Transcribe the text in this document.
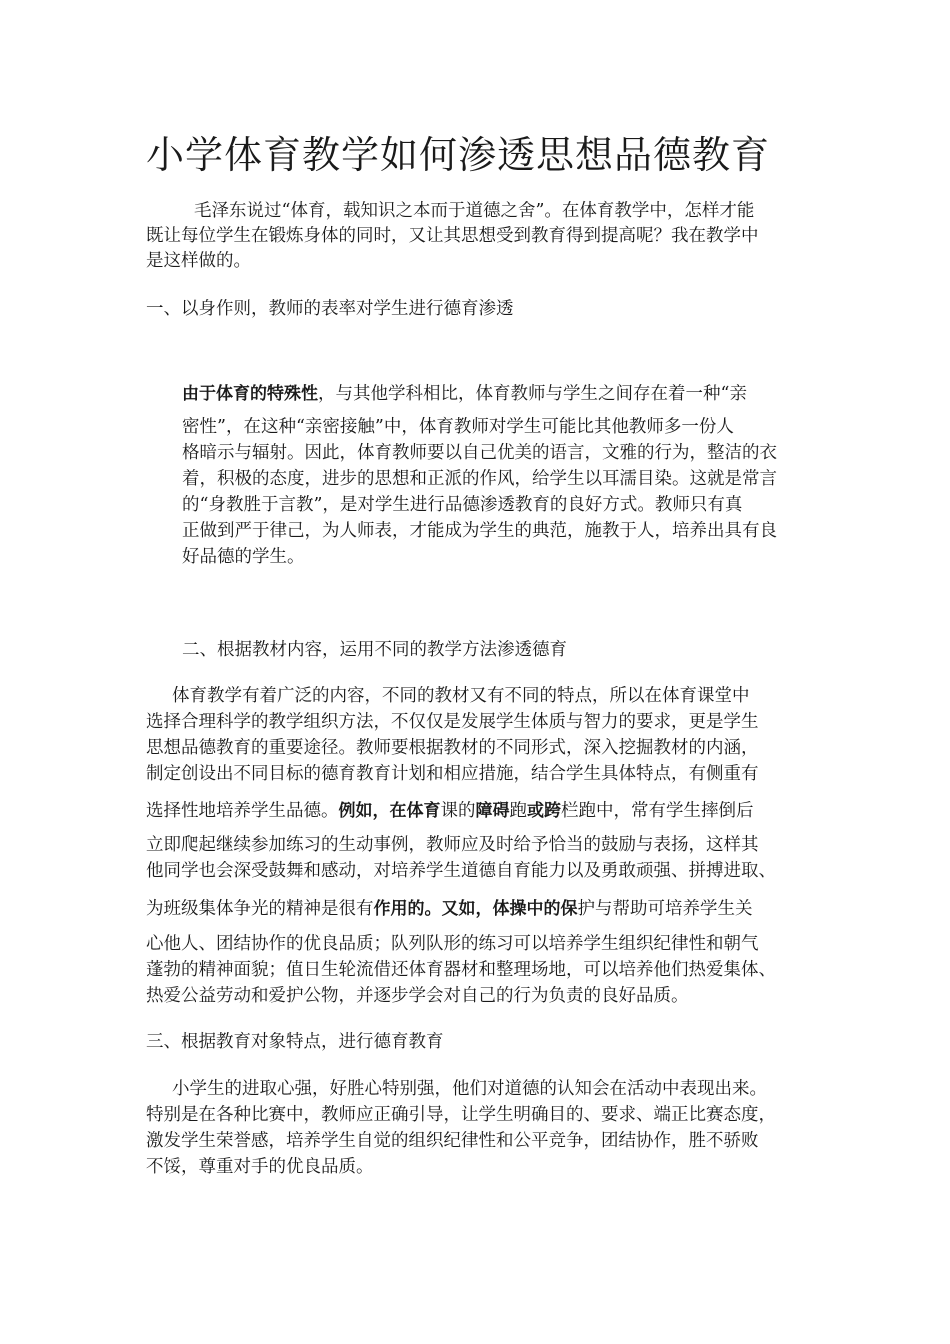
小学体育教学如何渗透思想品德教育

毛泽东说过“体育，载知识之本而于道德之舍”。在体育教学中，怎样才能

既让每位学生在锻炼身体的同时，又让其思想受到教育得到提高呢？我在教学中

是这样做的。

一、以身作则，教师的表率对学生进行德育渗透

由于体育的特殊性，与其他学科相比，体育教师与学生之间存在着一种“亲

密性”，在这种“亲密接触”中，体育教师对学生可能比其他教师多一份人

格暗示与辐射。因此，体育教师要以自己优美的语言，文雅的行为，整洁的衣

着，积极的态度，进步的思想和正派的作风，给学生以耳濡目染。这就是常言

的“身教胜于言教”，是对学生进行品德渗透教育的良好方式。教师只有真

正做到严于律己，为人师表，才能成为学生的典范，施教于人，培养出具有良

好品德的学生。

二、根据教材内容，运用不同的教学方法渗透德育

体育教学有着广泛的内容，不同的教材又有不同的特点，所以在体育课堂中

选择合理科学的教学组织方法，不仅仅是发展学生体质与智力的要求，更是学生

思想品德教育的重要途径。教师要根据教材的不同形式，深入挖掘教材的内涵，

制定创设出不同目标的德育教育计划和相应措施，结合学生具体特点，有侧重有

选择性地培养学生品德。例如，在体育课的障碍跑或跨栏跑中，常有学生摔倒后

立即爬起继续参加练习的生动事例，教师应及时给予恰当的鼓励与表扬，这样其

他同学也会深受鼓舞和感动，对培养学生道德自育能力以及勇敢顽强、拼搏进取、

为班级集体争光的精神是很有作用的。又如，体操中的保护与帮助可培养学生关

心他人、团结协作的优良品质；队列队形的练习可以培养学生组织纪律性和朝气

蓬勃的精神面貌；值日生轮流借还体育器材和整理场地，可以培养他们热爱集体、

热爱公益劳动和爱护公物，并逐步学会对自己的行为负责的良好品质。

三、根据教育对象特点，进行德育教育

小学生的进取心强，好胜心特别强，他们对道德的认知会在活动中表现出来。

特别是在各种比赛中，教师应正确引导，让学生明确目的、要求、端正比赛态度，

激发学生荣誉感，培养学生自觉的组织纪律性和公平竞争，团结协作，胜不骄败

不馁，尊重对手的优良品质。
